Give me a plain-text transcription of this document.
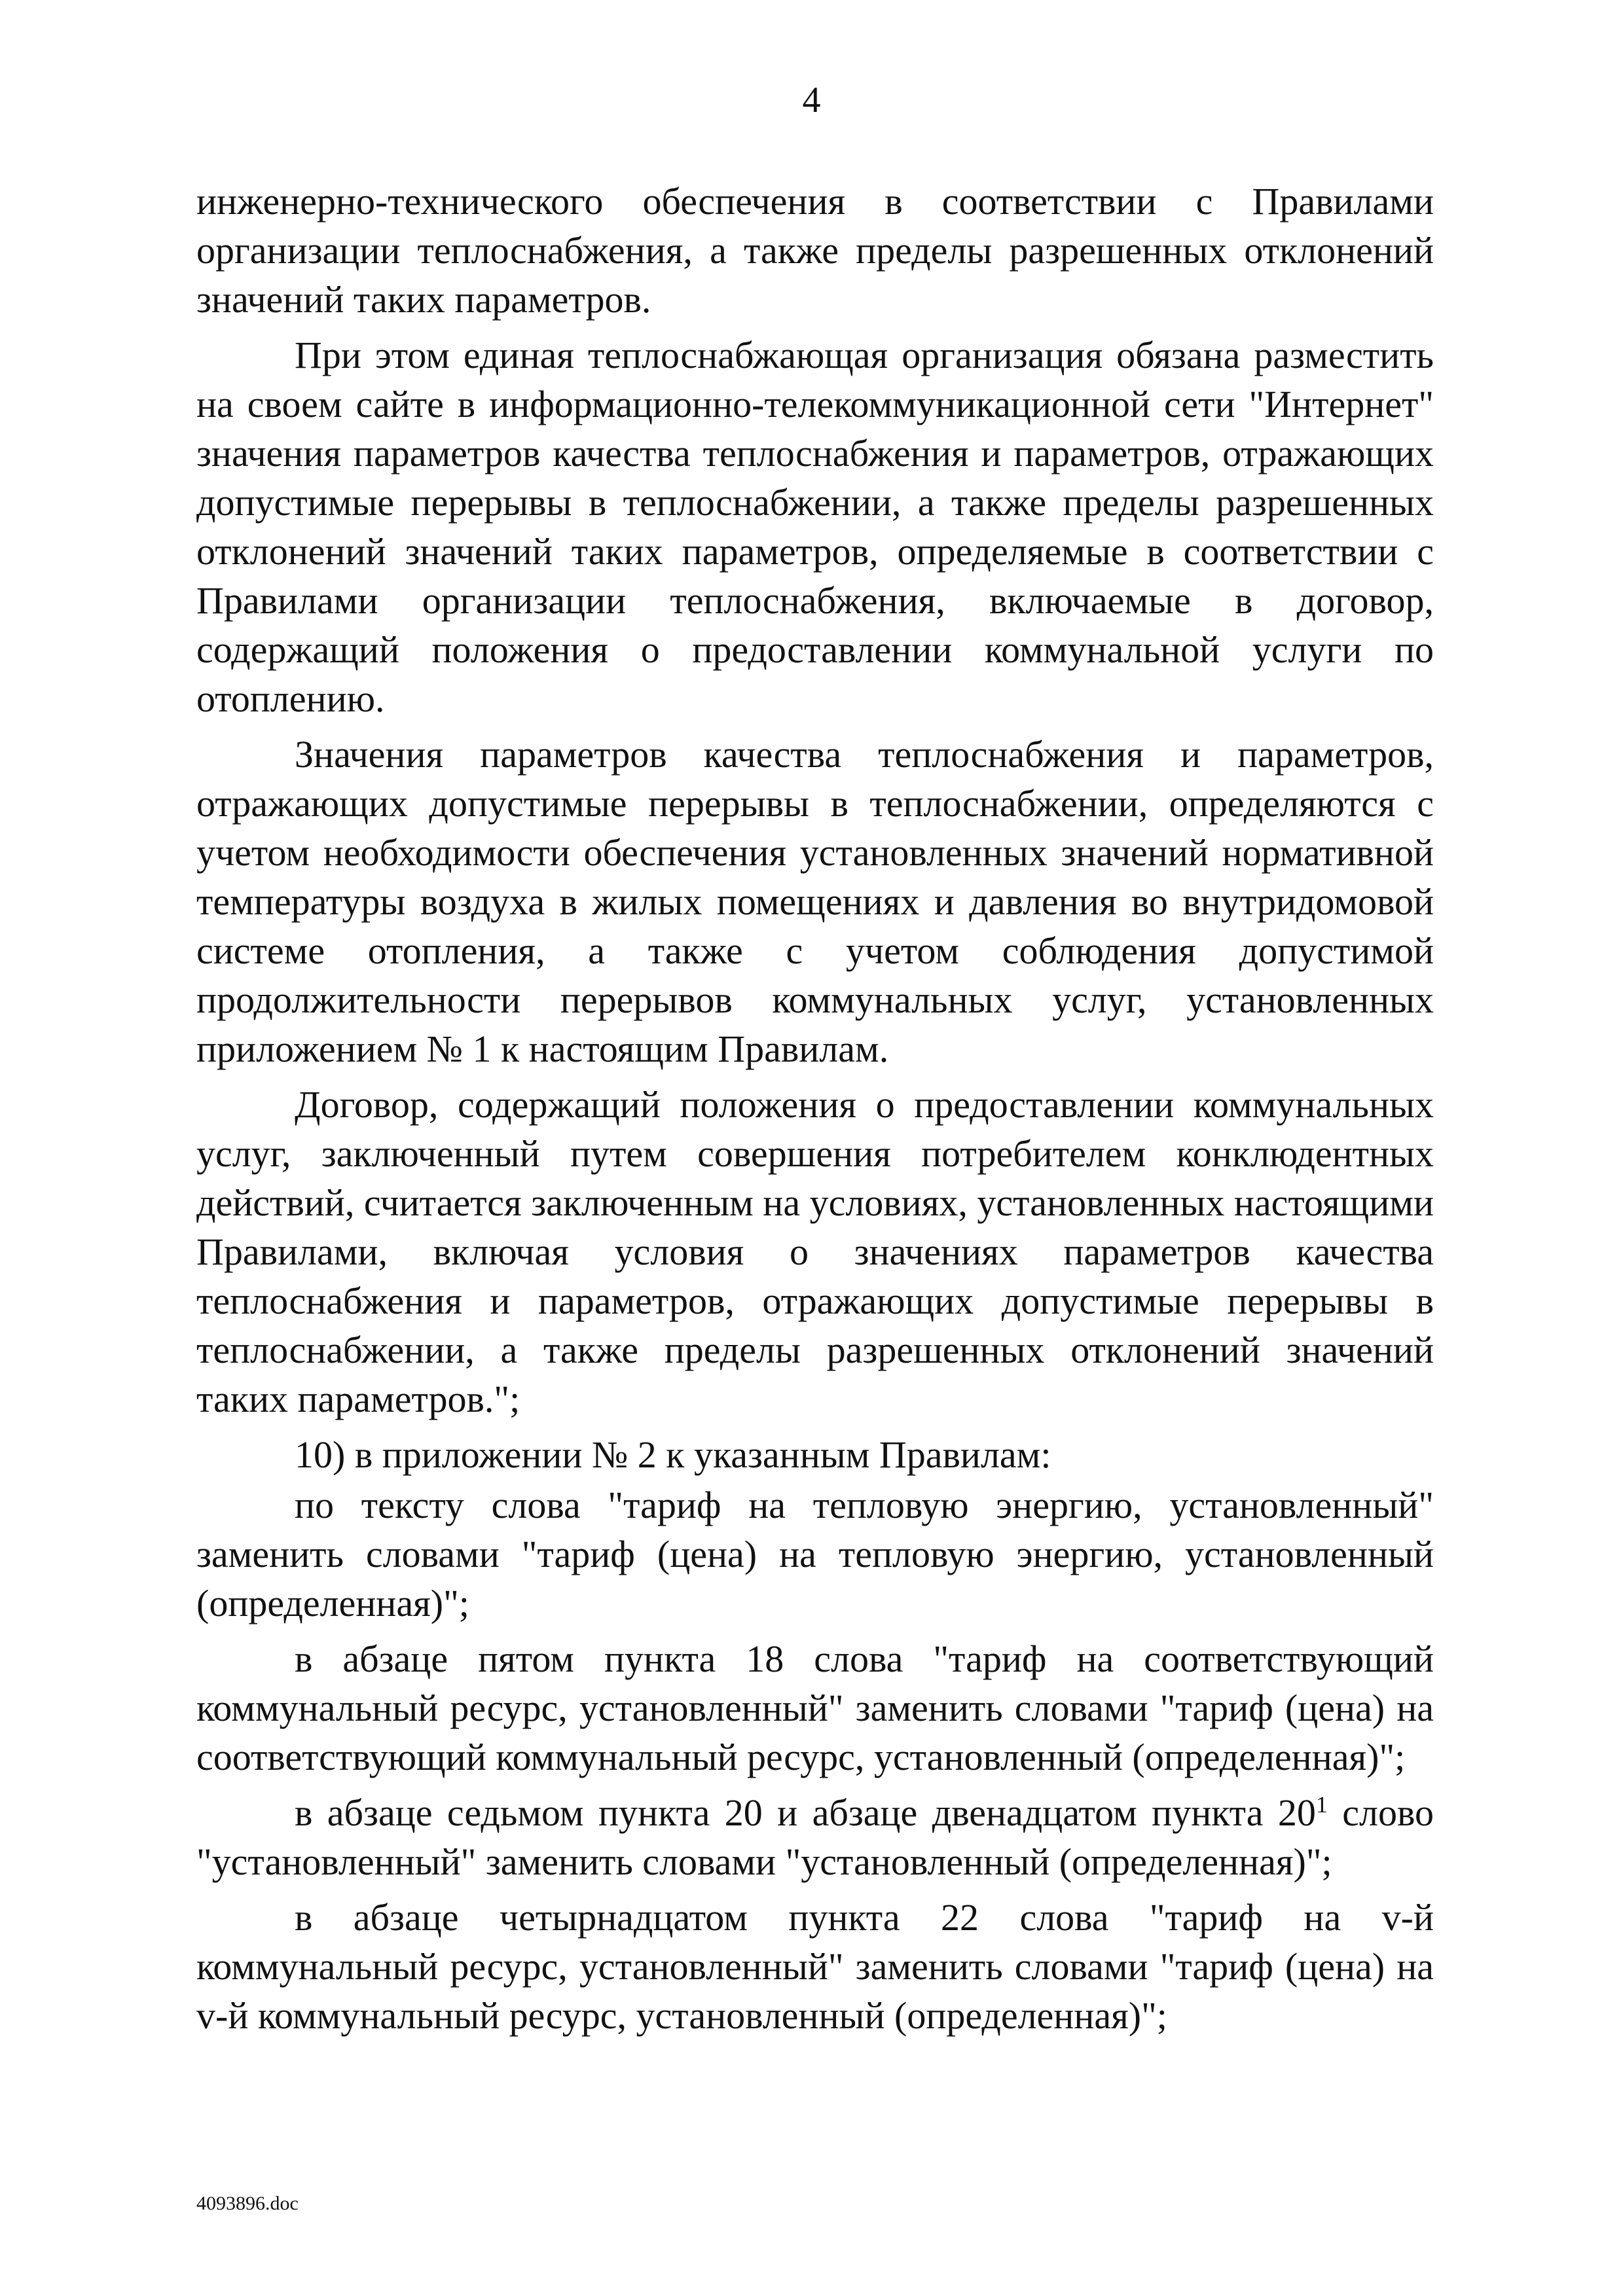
4

инженерно-технического обеспечения в соответствии с Правилами организации теплоснабжения, а также пределы разрешенных отклонений значений таких параметров.

При этом единая теплоснабжающая организация обязана разместить на своем сайте в информационно-телекоммуникационной сети "Интернет" значения параметров качества теплоснабжения и параметров, отражающих допустимые перерывы в теплоснабжении, а также пределы разрешенных отклонений значений таких параметров, определяемые в соответствии с Правилами организации теплоснабжения, включаемые в договор, содержащий положения о предоставлении коммунальной услуги по отоплению.

Значения параметров качества теплоснабжения и параметров, отражающих допустимые перерывы в теплоснабжении, определяются с учетом необходимости обеспечения установленных значений нормативной температуры воздуха в жилых помещениях и давления во внутридомовой системе отопления, а также с учетом соблюдения допустимой продолжительности перерывов коммунальных услуг, установленных приложением № 1 к настоящим Правилам.

Договор, содержащий положения о предоставлении коммунальных услуг, заключенный путем совершения потребителем конклюдентных действий, считается заключенным на условиях, установленных настоящими Правилами, включая условия о значениях параметров качества теплоснабжения и параметров, отражающих допустимые перерывы в теплоснабжении, а также пределы разрешенных отклонений значений таких параметров.";

10) в приложении № 2 к указанным Правилам:

по тексту слова "тариф на тепловую энергию, установленный" заменить словами "тариф (цена) на тепловую энергию, установленный (определенная)";

в абзаце пятом пункта 18 слова "тариф на соответствующий коммунальный ресурс, установленный" заменить словами "тариф (цена) на соответствующий коммунальный ресурс, установленный (определенная)";

в абзаце седьмом пункта 20 и абзаце двенадцатом пункта $20^1$ слово "установленный" заменить словами "установленный (определенная)";

в абзаце четырнадцатом пункта 22 слова "тариф на v-й коммунальный ресурс, установленный" заменить словами "тариф (цена) на v-й коммунальный ресурс, установленный (определенная)";

4093896.doc
